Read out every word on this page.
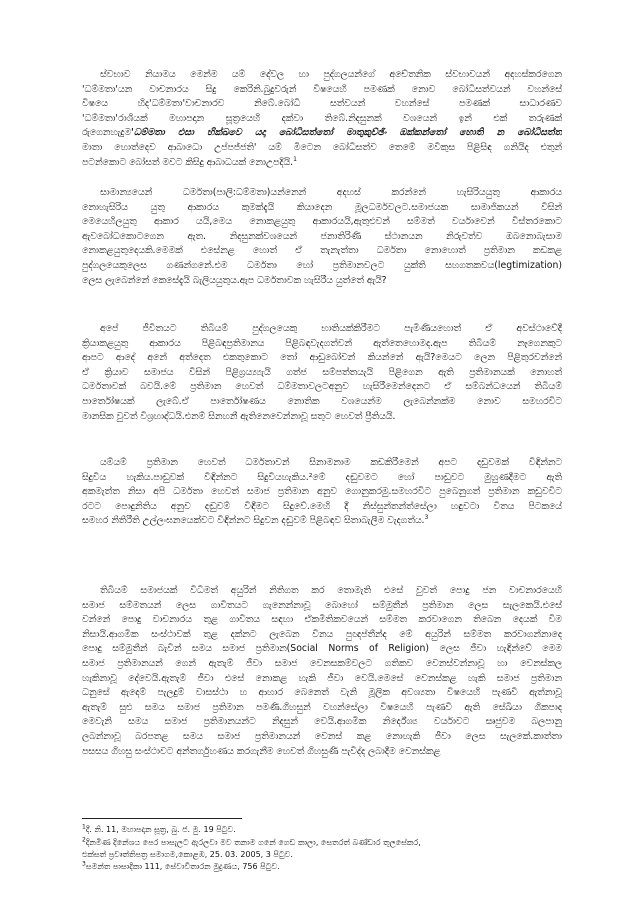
ස්වභාව නියාමය මෙන්ම යම් දේවල හා පුද්ගලයන්ගේ අචේතනික ස්වභාවයන් අදහස්කරගෙන
'ධම්මතා'යන වාචනාරය සිදු කෙරිනි.බුදුවරුන් විෂයෙහි පමණක් නොව බෝධිසත්වයන් වහන්සේ
විෂයෙ හිද'ධම්මතා'වාචනාරව නිබේ.බෝධි සත්වයන් වහන්සේ පමණක් සාධාරණව
'ධම්මතා'රාශියක් මහාපදාන සූත්‍රයෙහි දක්වා තිබේ.නිදසුනක් වශයෙන් ඉන් එක් තරුණක්
රුගෙනහැදුම'ධම්මතා එසා භික්ඛවෙ යදා බෝධිසත්තෝ මාතුකුච්ඡිං ඔක්කන්තෝ හොති න බෝධිසත්ත
මාතා හොත්දෙව ආබාධො උප්පජ්ජති' යම් මිටෙන බෝධිසත්ව තෙමේ මවිකුස පිළිසිඳ ගනියිද එතුන්
පටන්කොට බෝසත් මවට කිසිදු ආබාධයක් නොඋපදියි.$^1$
සාමාන්‍යයෙන් ධර්මතා(පාලි:ධම්මතා)යන්නෙන් අදහස් කරන්නේ හැසිරියයුතු ආකාරය
නොහැසිරිය යුතු ආකාරය කුමක්දැයි කියාදෙන මූලධර්මවලට.සමාජයක සාමාජිකයන් විසින්
මෙයෙහිලයුතු ආකාර යයි,මෙය නොකළයුතු ආකාරයයි,ඇතුළුවන් සම්මත් වර්යාවෙන් විස්තරකොට
ඇවබෝධකොටගෙන ඇත. නිදසුනක්වශයෙන් ජනාතිරිණි ස්ථානයන නිරුවත්ව ඔබනොබැසාම
නොකළයුතුදෙයකි.මෙමක් එසේනළ හොත් ඒ තැනැත්තා ධර්මතා නොහොත් ප්‍රතිමාන කඩකළ
පුද්ගලයෙකුලෙස ගණන්ගනේ.එම ධර්මතා හෝ ප්‍රතිමානවලට යුක්ති සහගතකවය(legtimization)
ලෙස ලැබෙන්නේ කෙසේදැයි බැලියයුතුය.ඇප ධර්මතාවක හැසිරීය යුත්තේ ඇයි?
අපේ ජීවිතයට තිබියම් පුද්ගලයෙකු භාතියක්කිරීමට පැමිණියහොත් ඒ අවස්ථාවේදී
ක්‍රියාකළයුතු ආකාරය පිළිබඳප්‍රතිමානය පිළිබඳවැදගත්වන් ඇත්තෙහොමද.ඇප තිබියම් නෑගෙනකුට
ආපට ආදේ අනේ අත්දෙත එකතුකොට තෝ ආඩුබෝවන් කියන්නේ ඇයි?මෙයට ලෙන පිළිතුරවන්නේ
ඒ ක්‍රියාව සමාජය විසින් පිළිග්‍රය්‍ය්‍යැයි ගත්ජ සම්පත්තයැයි පිළිගෙන ඇති ප්‍රතිමානයක් නොහත්
ධර්මතාවක් බවයි.මේ ප්‍රතිමාන හෙවත් ධම්මතාවලටඅනුව හැසිරීමෙන්දෙනට ඒ සම්බන්ධයෙන් තිබියම්
පාර්තෝෂයක් ලැබේ.ඒ පාර්තෝෂණය නොතික වශයෙන්ම ලැබෙන්නක්ම නොව සමහරවිට
මානසික වුවත් විශ්‍රහාද්ධයි.එනම් සිනහනී ඇතිනෙවෙන්නාවූ සතුට හෙවත් ප්‍රීතියයි.
යම්යම් ප්‍රතිමාන හෙවත් ධර්මතාවන් සිනාමනාම කඩකිරීමෙන් අපට දඩුවමක් විඳින්නට
සිදුවිය හැකිය.පාඩුවක් විඳින්නට සිදුවියහැකිය.²මේ දඬුවමට හෝ පාඩුවට මුහුණදීමට ඇති
අකමැත්ත නිසා අපි ධර්මතා හෙවත් සමාජ ප්‍රතිමාන අනුව ගොනුකරමු.සමහරවිට පුබෙනුගත් ප්‍රතිමාන කඩුවවිට
රටට පොදුනිතිය අනුව දඬුවම් විඳීමට සිදුවේ.මෙහි දී නිස්සුන්තන්ත්සේලා හඳුවටා විතය පිටකයේ
සමහර නිතිරීති උල්ලංඝනයෙක්වට විඳින්නට සිදුවන දඬුවම් පිළිබඳව සිතාබැලීම වැදගත්ය.$^3$
තිබියම් සමාජයක් විධිමත් අයුරින් නිතිගත කර තොමැති එසේ වුවත් පොදු ජන වාචනාරයෙහි
සමාජ සම්මතයන් ලෙස ගාවිතයට ගැනෙන්නාවූ බොහෝ සම්මුතීන් ප්‍රතිමාන ලෙස සැලකෙයි.එසේ
වන්නේ පොදු වාචනාරය තුළ ගාවිතය සඳහා ඒකමිතිකවයෙන් සම්මත කරවාගෙන තිබෙන දෙයක් විම
නිසායි.ආගමික සංස්ථාවක් තුළ දක්නට ලැබෙන විනය පුඥප්තීන්ද මේ අයුරින් සම්මත කරවාගන්නාදෙ
පොදු සම්මුතීන් බැවින් සමය සමාජ ප්‍රතිමාන(Social Norms of Religion) ලෙස ජීවා හැඳින්වේ මෙම
සමාජ ප්‍රතිමානයන් ගෙන් ඇතැම් ජීවා සමාජ වෙනසකම්වලට ගතිකව වෙනස්වන්නාවූ හා වෙනස්කල
හැකිනාවූ දේවෙයි.ඇතැම් ජීවා එසේ නොකළ හැකි ජීවා වෙයි.මෙසේ වෙනස්කළ හැකි සමාජ ප්‍රතිමාන
ධනුසේ ඇදෙම් පැලදුම් වාසස්ථා හ ආහාර බෙනෙත් වැනි මූලික අවශ්‍යතා විෂයෙහි පැණවී ඇත්නාවූ
ඇතැම් සුළු සමය සමාජ ප්‍රතිමාන පමණි.ගිහසුන් වහන්සේලා විෂයෙහි පැණවී ඇති සේඛියා ගිකපාද
මෙවැනි සමය සමාජ ප්‍රතිමානයන්ට නිදසුන් වෙයි.ආගමික නිර්දේශ්‍ය වර්යාවට සෘජුවම බලපානු
ලබන්නාවූ බරපතළ සමය සමාජ ප්‍රතිමානයන් වෙනස් කළ නොහැකි ජීවා ලෙස සැලකේ.කාත්තා
පසසය ගිහසු සංස්ථාවට අන්තර්ගුහණය කරගැනීම හෙවත් ගිහසුණී පැවිද්ද ලබාදීම වෙනස්කළ
$^1$දී. නි. 11, මහාපදාන සූත්‍ර, බු. ජ. මු. 19 පිටුව.
$^2$දිනමිණ දිනේශය පෙර පාසැලට ඇරලවා මව තනාම ගනේ ගෙඩ කාලා, සෙතරත් බණ්ඩාර තුලසේකර,
එක්සත් ප්‍රවෘත්තිපත්‍ර සමාගම,කොළඹ, 25. 03. 2005, 3 පිටුව.
$^3$සමන්ත පාසාදිකා 111, සේවාවිතාරන මුදුණය, 756 පිටුව.
